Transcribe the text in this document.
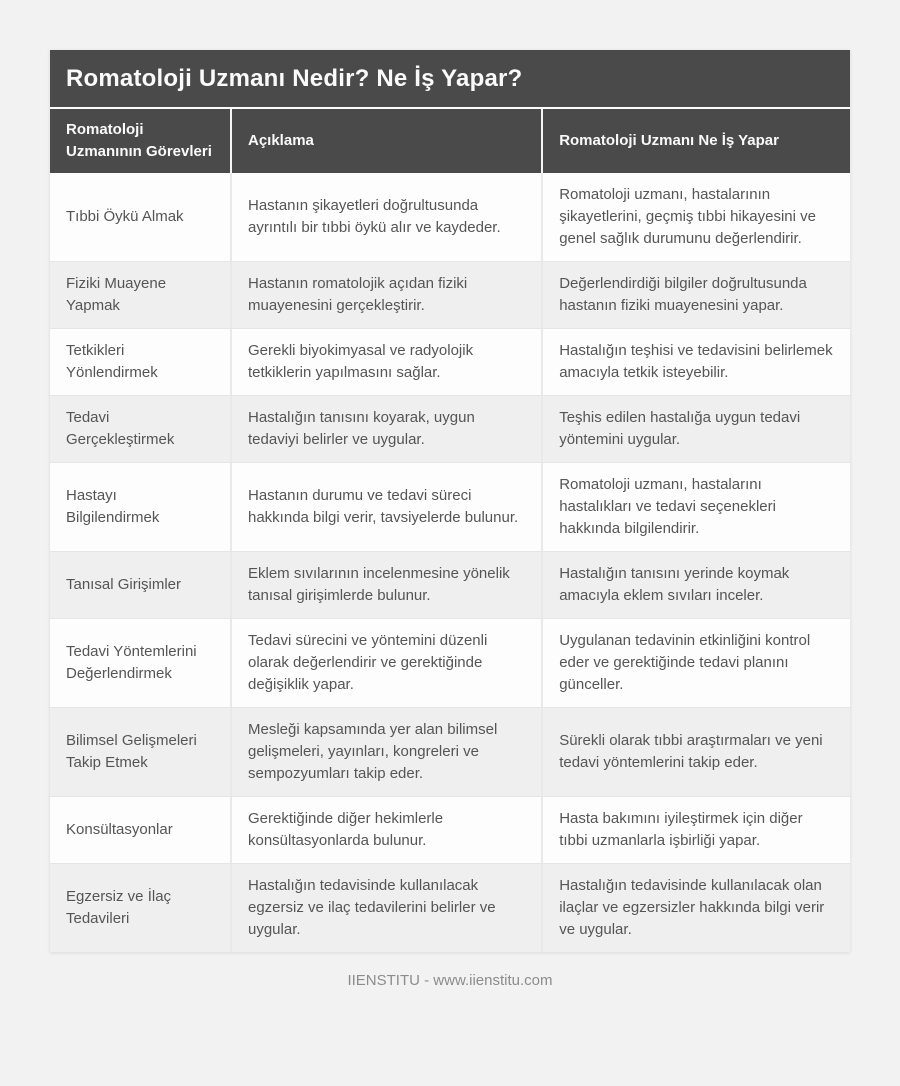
Romatoloji Uzmanı Nedir? Ne İş Yapar?
Romatoloji Uzmanının Görevleri
Açıklama	Romatoloji Uzmanı Ne İş Yapar
Tıbbi Öykü Almak
Hastanın şikayetleri doğrultusunda ayrıntılı bir tıbbi öykü alır ve kaydeder.
Romatoloji uzmanı, hastalarının şikayetlerini, geçmiş tıbbi hikayesini ve genel sağlık durumunu değerlendirir.
Fiziki Muayene Yapmak
Hastanın romatolojik açıdan fiziki muayenesini gerçekleştirir.
Değerlendirdiği bilgiler doğrultusunda hastanın fiziki muayenesini yapar.
Tetkikleri Yönlendirmek
Gerekli biyokimyasal ve radyolojik tetkiklerin yapılmasını sağlar.
Hastalığın teşhisi ve tedavisini belirlemek amacıyla tetkik isteyebilir.
Tedavi Gerçekleştirmek
Hastalığın tanısını koyarak, uygun tedaviyi belirler ve uygular.
Teşhis edilen hastalığa uygun tedavi yöntemini uygular.
Hastayı Bilgilendirmek
Hastanın durumu ve tedavi süreci hakkında bilgi verir, tavsiyelerde bulunur.
Romatoloji uzmanı, hastalarını hastalıkları ve tedavi seçenekleri hakkında bilgilendirir.
Tanısal Girişimler
Eklem sıvılarının incelenmesine yönelik tanısal girişimlerde bulunur.
Hastalığın tanısını yerinde koymak amacıyla eklem sıvıları inceler.
Tedavi Yöntemlerini Değerlendirmek
Tedavi sürecini ve yöntemini düzenli olarak değerlendirir ve gerektiğinde değişiklik yapar.
Uygulanan tedavinin etkinliğini kontrol eder ve gerektiğinde tedavi planını günceller.
Bilimsel Gelişmeleri Takip Etmek
Mesleği kapsamında yer alan bilimsel gelişmeleri, yayınları, kongreleri ve sempozyumları takip eder.
Sürekli olarak tıbbi araştırmaları ve yeni tedavi yöntemlerini takip eder.
Konsültasyonlar
Gerektiğinde diğer hekimlerle konsültasyonlarda bulunur.
Hasta bakımını iyileştirmek için diğer tıbbi uzmanlarla işbirliği yapar.
Egzersiz ve İlaç Tedavileri
Hastalığın tedavisinde kullanılacak egzersiz ve ilaç tedavilerini belirler ve uygular.
Hastalığın tedavisinde kullanılacak olan ilaçlar ve egzersizler hakkında bilgi verir ve uygular.
IIENSTITU - www.iienstitu.com
